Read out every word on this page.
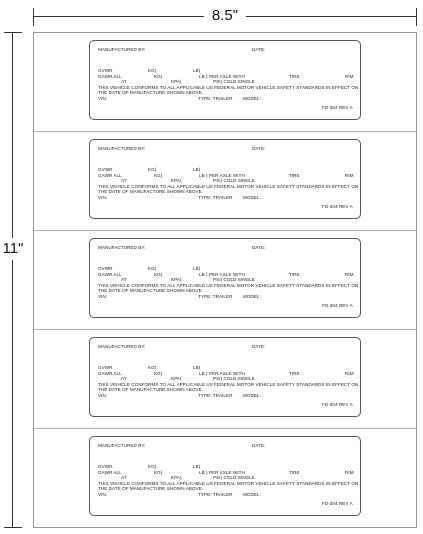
8.5"
11"
MANUFACTURED BY:	DATE:
GVWR	KG(	LB)
GAWR ALL	KG(	LB ) PER AXLE WITH	TIRE	RIM
AT	KPA(	PSI) COLD SINGLE
THIS VEHICLE CONFORMS TO ALL APPLICABLE US FEDERAL MOTOR VEHICLE SAFETY STANDARDS IN EFFECT ON
THE DATE OF MANUFACTURE SHOWN ABOVE.
VIN:	TYPE: TRAILER MODEL:
FD-304 REV A
MANUFACTURED BY:	DATE:
GVWR	KG(	LB)
GAWR ALL	KG(	LB ) PER AXLE WITH	TIRE	RIM
AT	KPA(	PSI) COLD SINGLE
THIS VEHICLE CONFORMS TO ALL APPLICABLE US FEDERAL MOTOR VEHICLE SAFETY STANDARDS IN EFFECT ON
THE DATE OF MANUFACTURE SHOWN ABOVE.
VIN:	TYPE: TRAILER MODEL:
FD-304 REV A
MANUFACTURED BY:	DATE:
GVWR	KG(	LB)
GAWR ALL	KG(	LB ) PER AXLE WITH	TIRE	RIM
AT	KPA(	PSI) COLD SINGLE
THIS VEHICLE CONFORMS TO ALL APPLICABLE US FEDERAL MOTOR VEHICLE SAFETY STANDARDS IN EFFECT ON
THE DATE OF MANUFACTURE SHOWN ABOVE.
VIN:	TYPE: TRAILER MODEL:
FD-304 REV A
MANUFACTURED BY:	DATE:
GVWR	KG(	LB)
GAWR ALL	KG(	LB ) PER AXLE WITH	TIRE	RIM
AT	KPA(	PSI) COLD SINGLE
THIS VEHICLE CONFORMS TO ALL APPLICABLE US FEDERAL MOTOR VEHICLE SAFETY STANDARDS IN EFFECT ON
THE DATE OF MANUFACTURE SHOWN ABOVE.
VIN:	TYPE: TRAILER MODEL:
FD-304 REV A
MANUFACTURED BY:	DATE:
GVWR	KG(	LB)
GAWR ALL	KG(	LB ) PER AXLE WITH	TIRE	RIM
AT	KPA(	PSI) COLD SINGLE
THIS VEHICLE CONFORMS TO ALL APPLICABLE US FEDERAL MOTOR VEHICLE SAFETY STANDARDS IN EFFECT ON
THE DATE OF MANUFACTURE SHOWN ABOVE.
VIN:	TYPE: TRAILER MODEL:
FD-304 REV A
